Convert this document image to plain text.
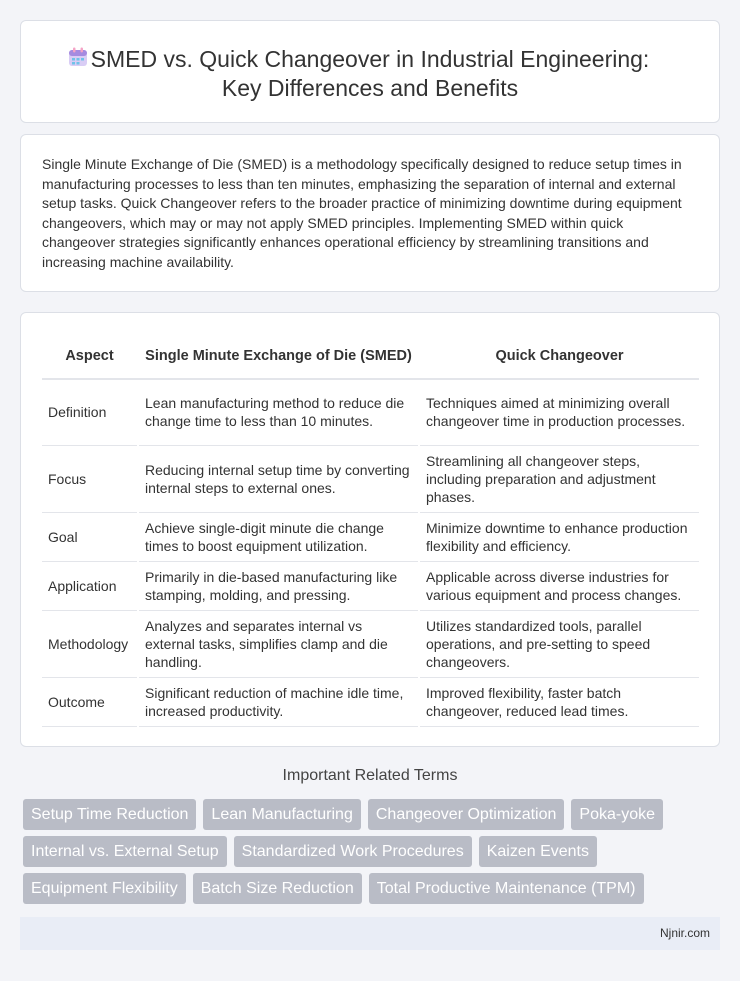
SMED vs. Quick Changeover in Industrial Engineering:
Key Differences and Benefits

Single Minute Exchange of Die (SMED) is a methodology specifically designed to reduce setup times in manufacturing processes to less than ten minutes, emphasizing the separation of internal and external setup tasks. Quick Changeover refers to the broader practice of minimizing downtime during equipment changeovers, which may or may not apply SMED principles. Implementing SMED within quick changeover strategies significantly enhances operational efficiency by streamlining transitions and increasing machine availability.

Aspect	Single Minute Exchange of Die (SMED)	Quick Changeover
Definition	Lean manufacturing method to reduce die change time to less than 10 minutes.	Techniques aimed at minimizing overall changeover time in production processes.
Focus	Reducing internal setup time by converting internal steps to external ones.	Streamlining all changeover steps, including preparation and adjustment phases.
Goal	Achieve single-digit minute die change times to boost equipment utilization.	Minimize downtime to enhance production flexibility and efficiency.
Application	Primarily in die-based manufacturing like stamping, molding, and pressing.	Applicable across diverse industries for various equipment and process changes.
Methodology	Analyzes and separates internal vs external tasks, simplifies clamp and die handling.	Utilizes standardized tools, parallel operations, and pre-setting to speed changeovers.
Outcome	Significant reduction of machine idle time, increased productivity.	Improved flexibility, faster batch changeover, reduced lead times.
Important Related Terms
Setup Time Reduction	Lean Manufacturing	Changeover Optimization	Poka-yoke
Internal vs. External Setup	Standardized Work Procedures	Kaizen Events
Equipment Flexibility	Batch Size Reduction	Total Productive Maintenance (TPM)
Njnir.com
